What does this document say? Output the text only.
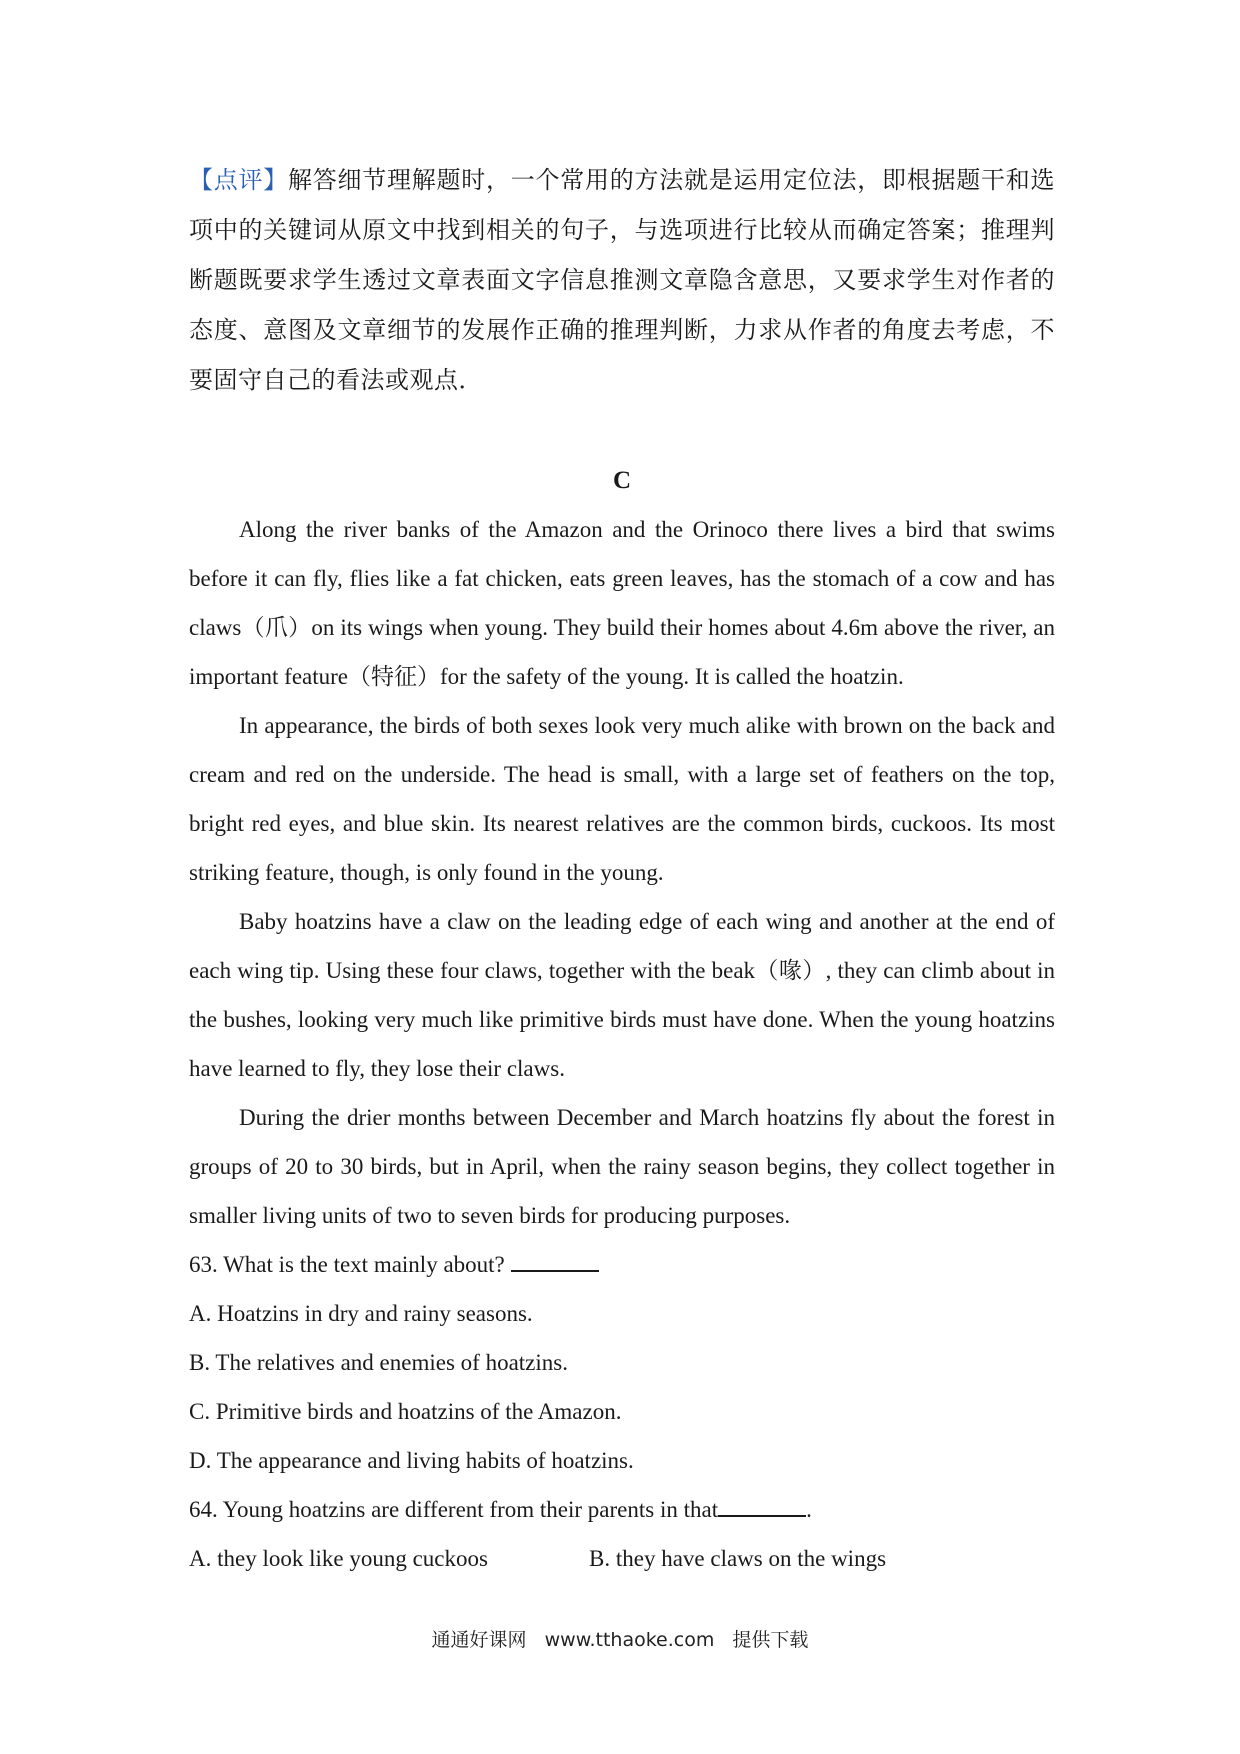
【点评】解答细节理解题时，一个常用的方法就是运用定位法，即根据题干和选项中的关键词从原文中找到相关的句子，与选项进行比较从而确定答案；推理判断题既要求学生透过文章表面文字信息推测文章隐含意思，又要求学生对作者的态度、意图及文章细节的发展作正确的推理判断，力求从作者的角度去考虑，不要固守自己的看法或观点．
C

Along the river banks of the Amazon and the Orinoco there lives a bird that swims before it can fly, flies like a fat chicken, eats green leaves, has the stomach of a cow and has claws（爪）on its wings when young. They build their homes about 4.6m above the river, an important feature（特征）for the safety of the young. It is called the hoatzin.

In appearance, the birds of both sexes look very much alike with brown on the back and cream and red on the underside. The head is small, with a large set of feathers on the top, bright red eyes, and blue skin. Its nearest relatives are the common birds, cuckoos. Its most striking feature, though, is only found in the young.

Baby hoatzins have a claw on the leading edge of each wing and another at the end of each wing tip. Using these four claws, together with the beak（喙）, they can climb about in the bushes, looking very much like primitive birds must have done. When the young hoatzins have learned to fly, they lose their claws.

During the drier months between December and March hoatzins fly about the forest in groups of 20 to 30 birds, but in April, when the rainy season begins, they collect together in smaller living units of two to seven birds for producing purposes.

63. What is the text mainly about?

A. Hoatzins in dry and rainy seasons.

B. The relatives and enemies of hoatzins.

C. Primitive birds and hoatzins of the Amazon.

D. The appearance and living habits of hoatzins.

64. Young hoatzins are different from their parents in that	.

A. they look like young cuckoos	B. they have claws on the wings
通通好课网 www.tthaoke.com 提供下载
